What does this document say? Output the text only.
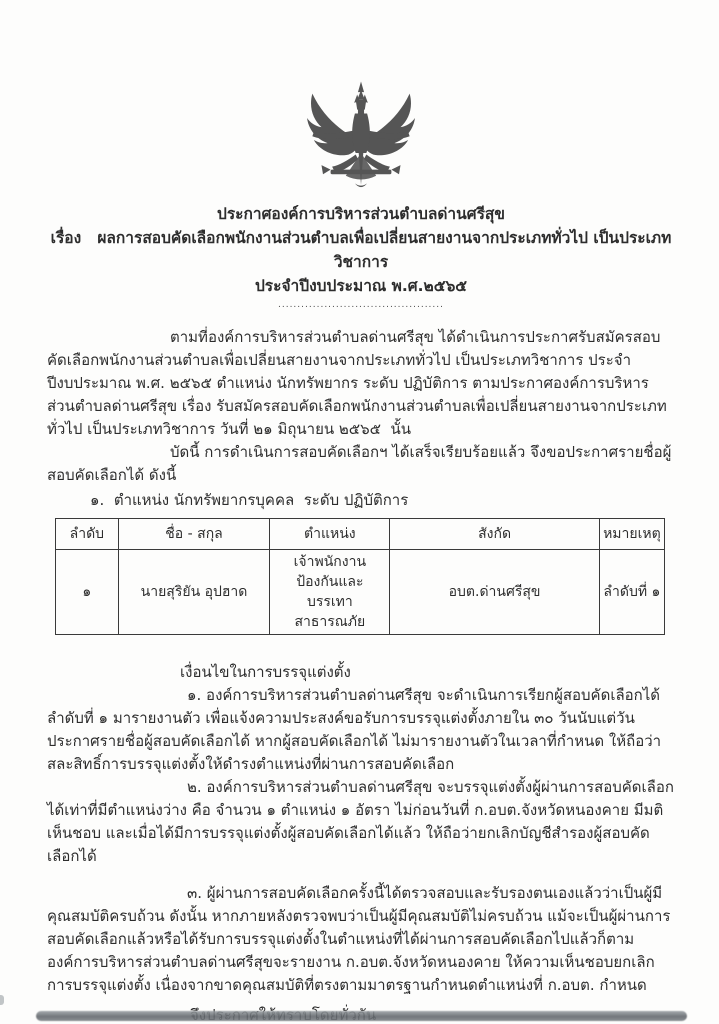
ประกาศองค์การบริหารส่วนตำบลด่านศรีสุข
เรื่อง   ผลการสอบคัดเลือกพนักงานส่วนตำบลเพื่อเปลี่ยนสายงานจากประเภททั่วไป เป็นประเภทวิชาการ
ประจำปีงบประมาณ พ.ศ.๒๕๖๕
...........................................

ตามที่องค์การบริหารส่วนตำบลด่านศรีสุข ได้ดำเนินการประกาศรับสมัครสอบคัดเลือกพนักงานส่วนตำบลเพื่อเปลี่ยนสายงานจากประเภททั่วไป เป็นประเภทวิชาการ ประจำปีงบประมาณ พ.ศ. ๒๕๖๕ ตำแหน่ง นักทรัพยากร ระดับ ปฏิบัติการ ตามประกาศองค์การบริหารส่วนตำบลด่านศรีสุข เรื่อง รับสมัครสอบคัดเลือกพนักงานส่วนตำบลเพื่อเปลี่ยนสายงานจากประเภททั่วไป เป็นประเภทวิชาการ วันที่ ๒๑ มิถุนายน ๒๕๖๕  นั้น

บัดนี้ การดำเนินการสอบคัดเลือกฯ ได้เสร็จเรียบร้อยแล้ว จึงขอประกาศรายชื่อผู้สอบคัดเลือกได้ ดังนี้

๑.  ตำแหน่ง นักทรัพยากรบุคคล  ระดับ ปฏิบัติการ
ลำดับ	ชื่อ - สกุล	ตำแหน่ง	สังกัด	หมายเหตุ
๑	นายสุริยัน อุปฮาด	เจ้าพนักงานป้องกันและ บรรเทาสาธารณภัย	อบต.ด่านศรีสุข	ลำดับที่ ๑
เงื่อนไขในการบรรจุแต่งตั้ง

๑. องค์การบริหารส่วนตำบลด่านศรีสุข จะดำเนินการเรียกผู้สอบคัดเลือกได้ลำดับที่ ๑ มารายงานตัว เพื่อแจ้งความประสงค์ขอรับการบรรจุแต่งตั้งภายใน ๓๐ วันนับแต่วันประกาศรายชื่อผู้สอบคัดเลือกได้ หากผู้สอบคัดเลือกได้ ไม่มารายงานตัวในเวลาที่กำหนด ให้ถือว่าสละสิทธิ์การบรรจุแต่งตั้งให้ดำรงตำแหน่งที่ผ่านการสอบคัดเลือก

๒. องค์การบริหารส่วนตำบลด่านศรีสุข จะบรรจุแต่งตั้งผู้ผ่านการสอบคัดเลือกได้เท่าที่มีตำแหน่งว่าง คือ จำนวน ๑ ตำแหน่ง ๑ อัตรา ไม่ก่อนวันที่ ก.อบต.จังหวัดหนองคาย มีมติเห็นชอบ และเมื่อได้มีการบรรจุแต่งตั้งผู้สอบคัดเลือกได้แล้ว ให้ถือว่ายกเลิกบัญชีสำรองผู้สอบคัดเลือกได้

๓. ผู้ผ่านการสอบคัดเลือกครั้งนี้ได้ตรวจสอบและรับรองตนเองแล้วว่าเป็นผู้มีคุณสมบัติครบถ้วน ดังนั้น หากภายหลังตรวจพบว่าเป็นผู้มีคุณสมบัติไม่ครบถ้วน แม้จะเป็นผู้ผ่านการสอบคัดเลือกแล้วหรือได้รับการบรรจุแต่งตั้งในตำแหน่งที่ได้ผ่านการสอบคัดเลือกไปแล้วก็ตาม องค์การบริหารส่วนตำบลด่านศรีสุขจะรายงาน ก.อบต.จังหวัดหนองคาย ให้ความเห็นชอบยกเลิกการบรรจุแต่งตั้ง เนื่องจากขาดคุณสมบัติที่ตรงตามมาตรฐานกำหนดตำแหน่งที่ ก.อบต. กำหนด
